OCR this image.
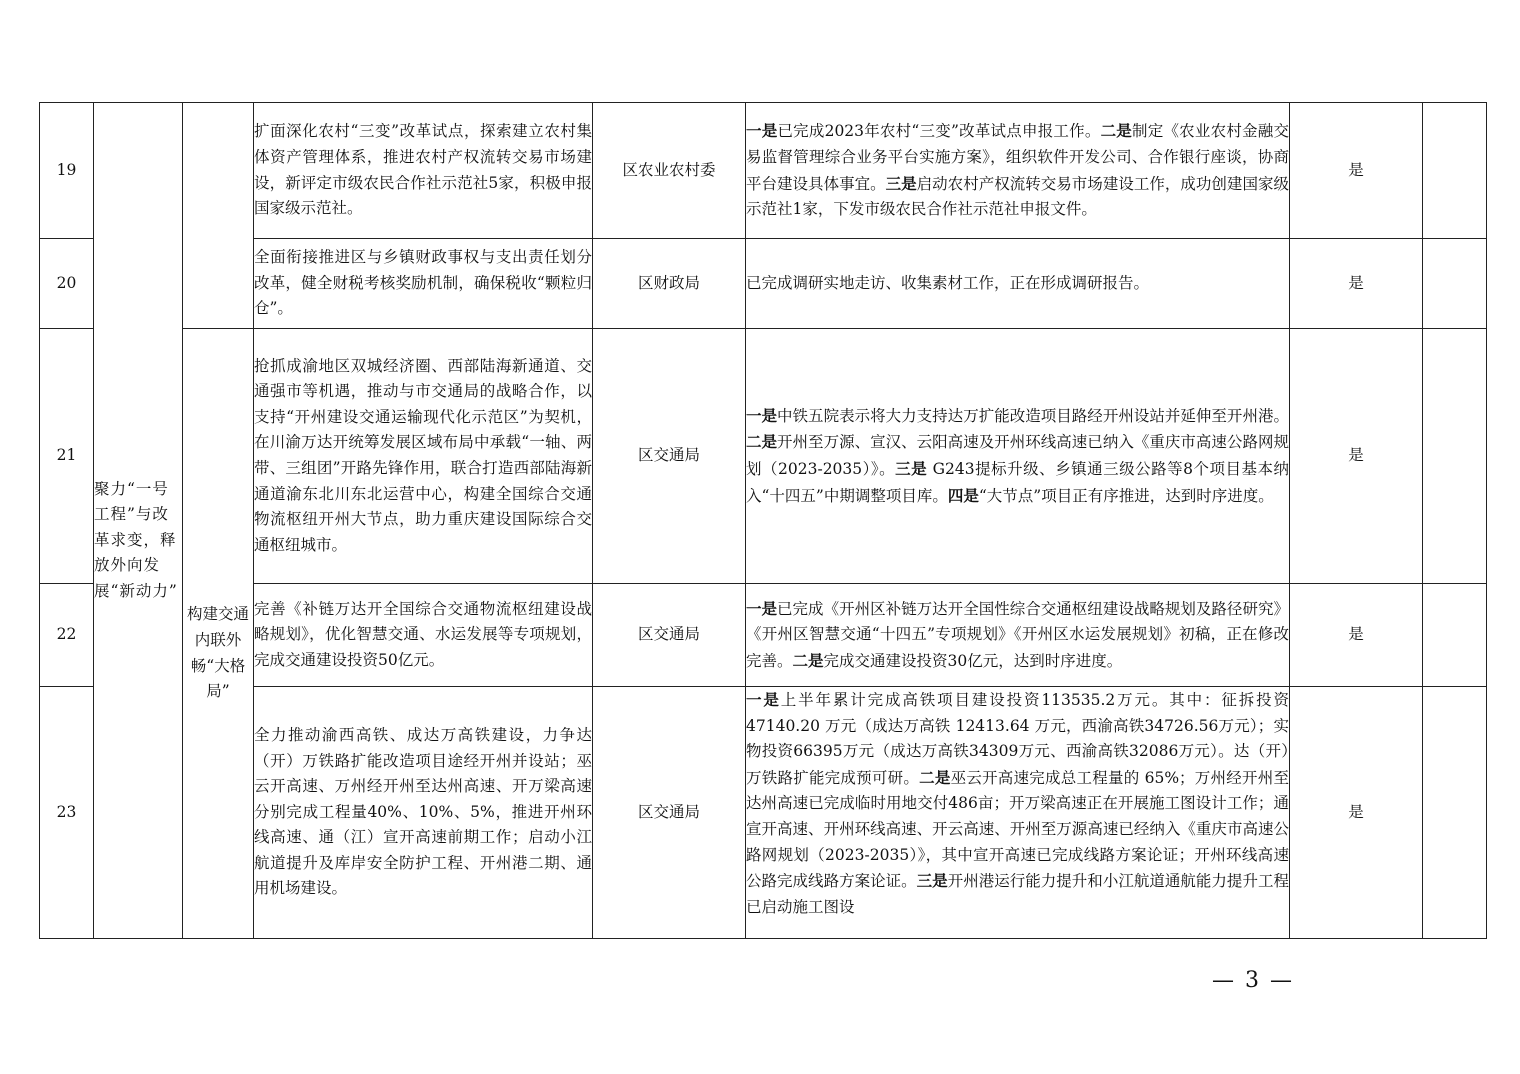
19	聚力“一号工程”与改革求变，释放外向发展“新动力”		扩面深化农村“三变”改革试点，探索建立农村集体资产管理体系，推进农村产权流转交易市场建设，新评定市级农民合作社示范社5家，积极申报国家级示范社。	区农业农村委	一是已完成2023年农村“三变”改革试点申报工作。二是制定《农业农村金融交易监督管理综合业务平台实施方案》，组织软件开发公司、合作银行座谈，协商平台建设具体事宜。三是启动农村产权流转交易市场建设工作，成功创建国家级示范社1家，下发市级农民合作社示范社申报文件。	是	
20			全面衔接推进区与乡镇财政事权与支出责任划分改革，健全财税考核奖励机制，确保税收“颗粒归仓”。	区财政局	已完成调研实地走访、收集素材工作，正在形成调研报告。	是	
21		构建交通内联外畅“大格局”	抢抓成渝地区双城经济圈、西部陆海新通道、交通强市等机遇，推动与市交通局的战略合作，以支持“开州建设交通运输现代化示范区”为契机，在川渝万达开统筹发展区域布局中承载“一轴、两带、三组团”开路先锋作用，联合打造西部陆海新通道渝东北川东北运营中心，构建全国综合交通物流枢纽开州大节点，助力重庆建设国际综合交通枢纽城市。	区交通局	一是中铁五院表示将大力支持达万扩能改造项目路经开州设站并延伸至开州港。二是开州至万源、宣汉、云阳高速及开州环线高速已纳入《重庆市高速公路网规划（2023-2035）》。三是 G243提标升级、乡镇通三级公路等8个项目基本纳入“十四五”中期调整项目库。四是“大节点”项目正有序推进，达到时序进度。	是	
22			完善《补链万达开全国综合交通物流枢纽建设战略规划》，优化智慧交通、水运发展等专项规划，完成交通建设投资50亿元。	区交通局	一是已完成《开州区补链万达开全国性综合交通枢纽建设战略规划及路径研究》《开州区智慧交通“十四五”专项规划》《开州区水运发展规划》初稿，正在修改完善。二是完成交通建设投资30亿元，达到时序进度。	是	
23			全力推动渝西高铁、成达万高铁建设，力争达（开）万铁路扩能改造项目途经开州并设站；巫云开高速、万州经开州至达州高速、开万梁高速分别完成工程量40%、10%、5%，推进开州环线高速、通（江）宣开高速前期工作；启动小江航道提升及库岸安全防护工程、开州港二期、通用机场建设。	区交通局	一是上半年累计完成高铁项目建设投资113535.2万元。其中：征拆投资 47140.20 万元（成达万高铁 12413.64 万元，西渝高铁34726.56万元）；实物投资66395万元（成达万高铁34309万元、西渝高铁32086万元）。达（开）万铁路扩能完成预可研。二是巫云开高速完成总工程量的 65%；万州经开州至达州高速已完成临时用地交付486亩；开万梁高速正在开展施工图设计工作；通宣开高速、开州环线高速、开云高速、开州至万源高速已经纳入《重庆市高速公路网规划（2023-2035）》，其中宣开高速已完成线路方案论证；开州环线高速公路完成线路方案论证。三是开州港运行能力提升和小江航道通航能力提升工程已启动施工图设	是	
— 3 —
